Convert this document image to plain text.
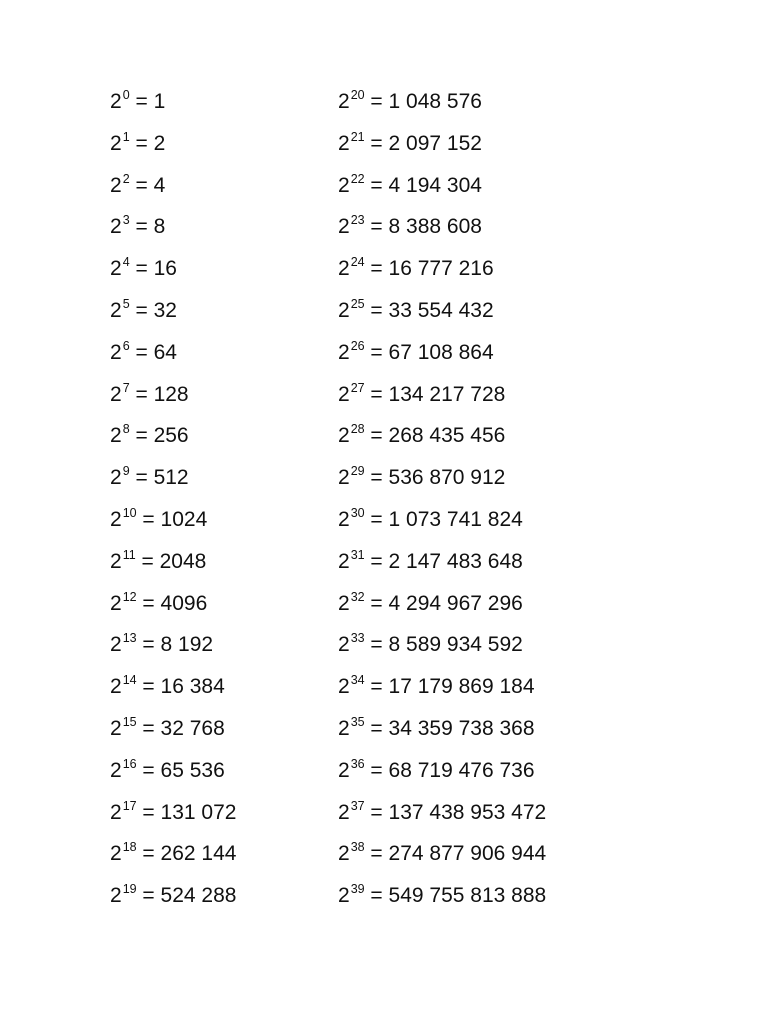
$2^0 = 1$
$2^1 = 2$
$2^2 = 4$
$2^3 = 8$
$2^4 = 16$
$2^5 = 32$
$2^6 = 64$
$2^7 = 128$
$2^8 = 256$
$2^9 = 512$
$2^{10} = 1024$
$2^{11} = 2048$
$2^{12} = 4096$
$2^{13} = 8$ 192
$2^{14} = 16$ 384
$2^{15} = 32$ 768
$2^{16} = 65$ 536
$2^{17} = 131$ 072
$2^{18} = 262$ 144
$2^{19} = 524$ 288
$2^{20} = 1$ 048 576
$2^{21} = 2$ 097 152
$2^{22} = 4$ 194 304
$2^{23} = 8$ 388 608
$2^{24} = 16$ 777 216
$2^{25} = 33$ 554 432
$2^{26} = 67$ 108 864
$2^{27} = 134$ 217 728
$2^{28} = 268$ 435 456
$2^{29} = 536$ 870 912
$2^{30} = 1$ 073 741 824
$2^{31} = 2$ 147 483 648
$2^{32} = 4$ 294 967 296
$2^{33} = 8$ 589 934 592
$2^{34} = 17$ 179 869 184
$2^{35} = 34$ 359 738 368
$2^{36} = 68$ 719 476 736
$2^{37} = 137$ 438 953 472
$2^{38} = 274$ 877 906 944
$2^{39} = 549$ 755 813 888
